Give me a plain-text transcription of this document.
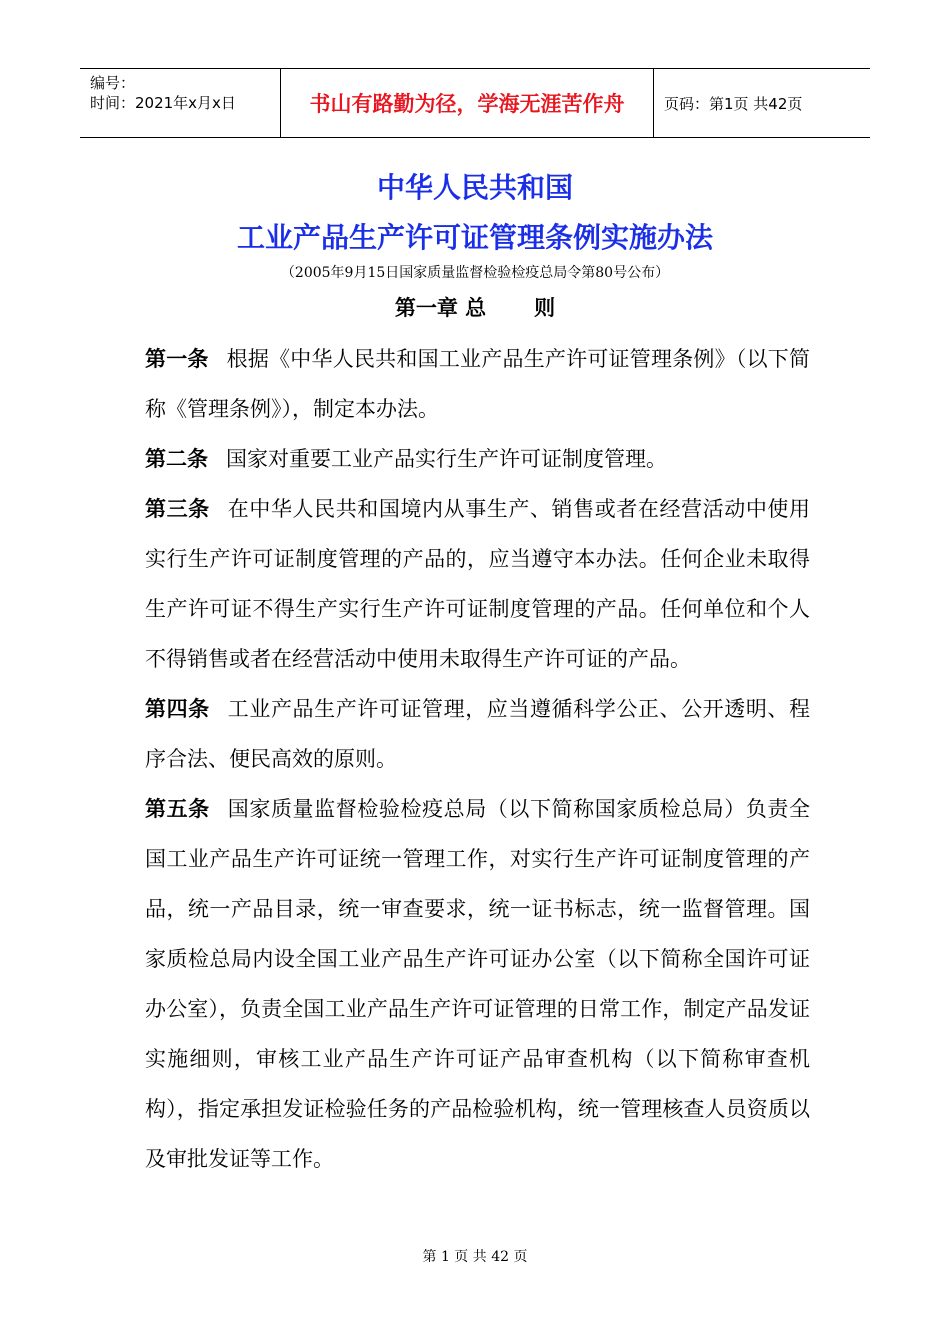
编号：
时间：2021年x月x日	书山有路勤为径，学海无涯苦作舟	页码：第1页 共42页
中华人民共和国
工业产品生产许可证管理条例实施办法
（2005年9月15日国家质量监督检验检疫总局令第80号公布）
第一章 总 则

第一条 根据《中华人民共和国工业产品生产许可证管理条例》（以下简称《管理条例》），制定本办法。

第二条 国家对重要工业产品实行生产许可证制度管理。

第三条 在中华人民共和国境内从事生产、销售或者在经营活动中使用实行生产许可证制度管理的产品的，应当遵守本办法。任何企业未取得生产许可证不得生产实行生产许可证制度管理的产品。任何单位和个人不得销售或者在经营活动中使用未取得生产许可证的产品。

第四条 工业产品生产许可证管理，应当遵循科学公正、公开透明、程序合法、便民高效的原则。

第五条 国家质量监督检验检疫总局（以下简称国家质检总局）负责全国工业产品生产许可证统一管理工作，对实行生产许可证制度管理的产品，统一产品目录，统一审查要求，统一证书标志，统一监督管理。国家质检总局内设全国工业产品生产许可证办公室（以下简称全国许可证办公室），负责全国工业产品生产许可证管理的日常工作，制定产品发证实施细则，审核工业产品生产许可证产品审查机构（以下简称审查机构），指定承担发证检验任务的产品检验机构，统一管理核查人员资质以及审批发证等工作。

第 1 页 共 42 页
